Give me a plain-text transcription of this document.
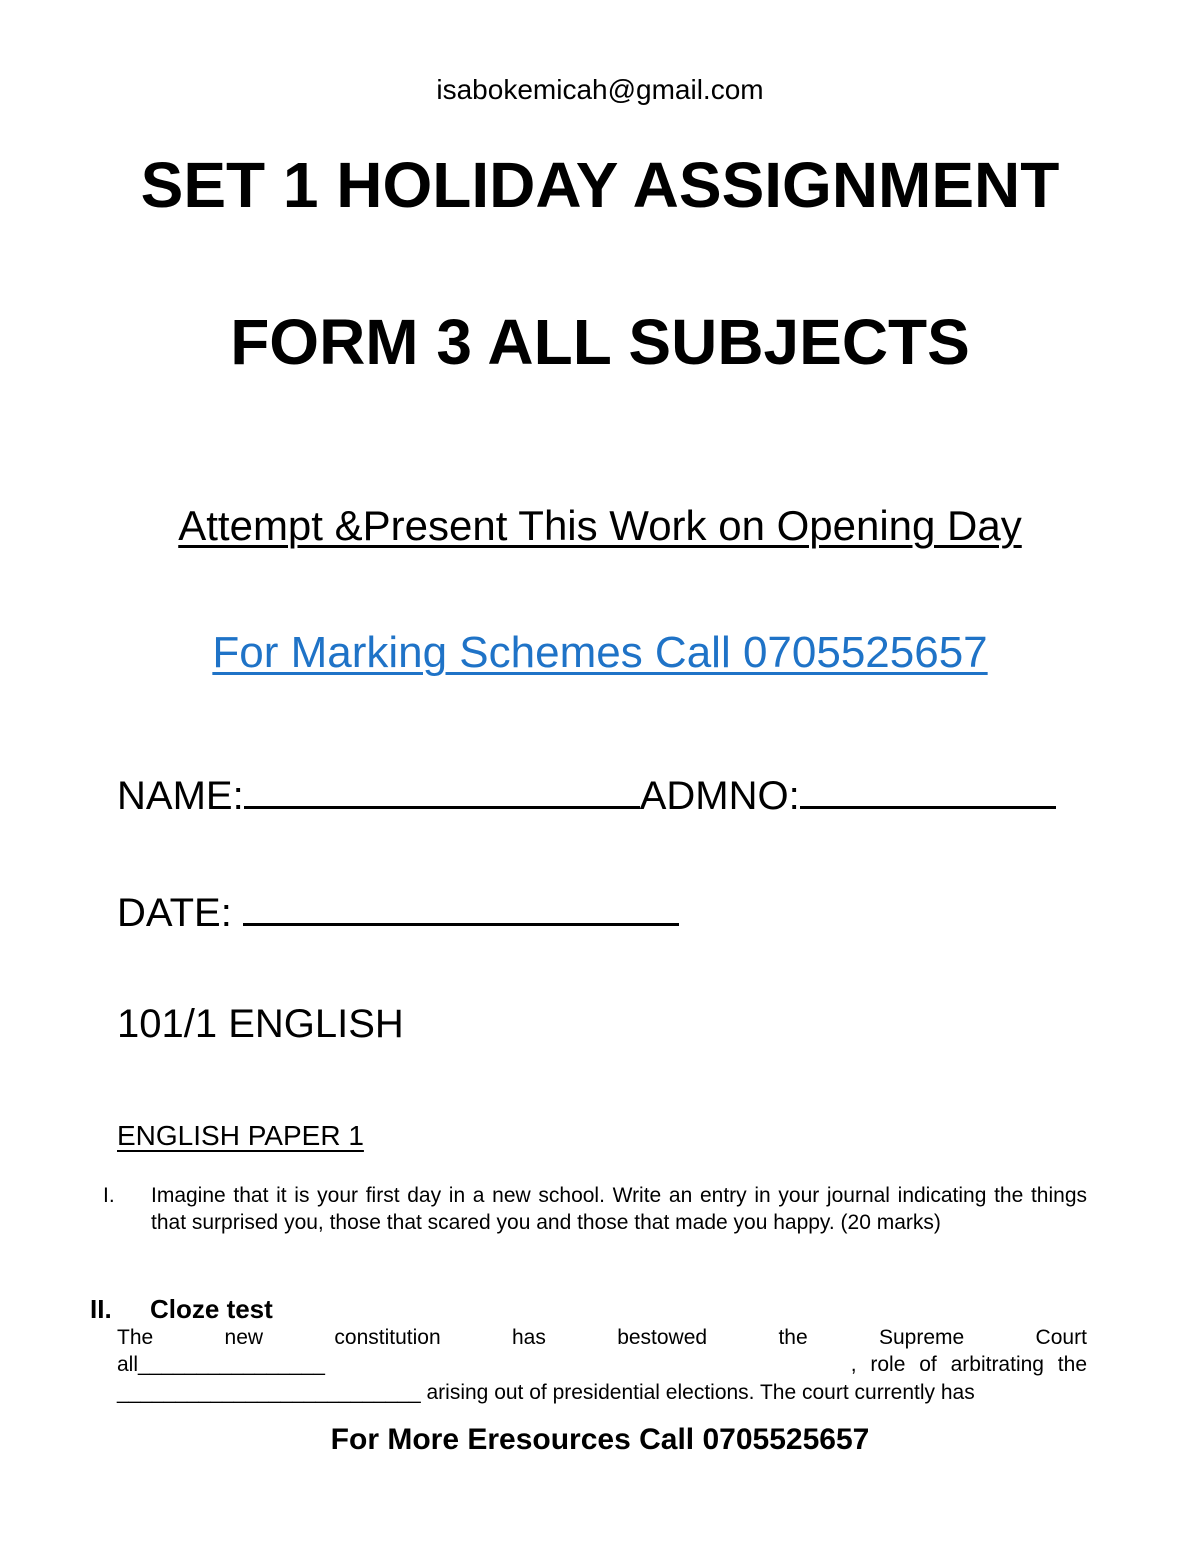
isabokemicah@gmail.com
SET 1 HOLIDAY ASSIGNMENT
FORM 3 ALL SUBJECTS
Attempt &Present This Work on Opening Day
For Marking Schemes Call 0705525657
NAME:	ADMNO:
DATE:
101/1 ENGLISH
ENGLISH PAPER 1
I. Imagine that it is your first day in a new school. Write an entry in your journal indicating the things that surprised you, those that scared you and those that made you happy. (20 marks)
II. Cloze test
The	new	constitution	has	bestowed	the	Supreme	Court
all________________	, role of arbitrating the
__________________________ arising out of presidential elections. The court currently has
For More Eresources Call 0705525657
